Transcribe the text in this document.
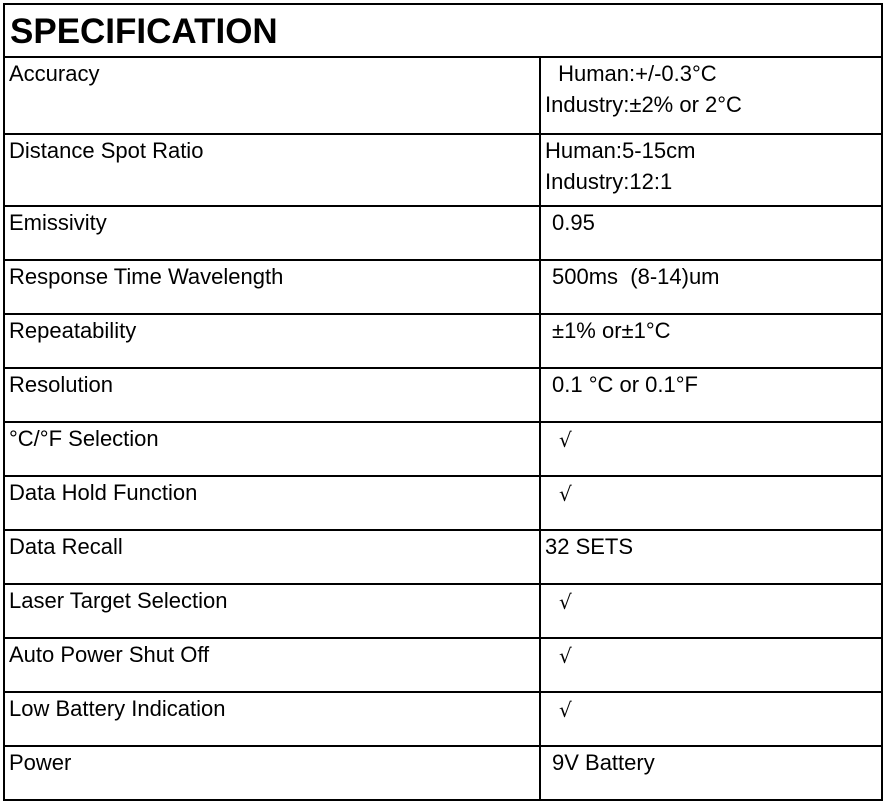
SPECIFICATION	

Accuracy	Human:+/-0.3°C
Industry:±2% or 2°C

Distance Spot Ratio	Human:5-15cm
Industry:12:1

Emissivity	0.95

Response Time Wavelength	500ms  (8-14)um

Repeatability	±1% or±1°C

Resolution	0.1 °C or 0.1°F

°C/°F Selection	√

Data Hold Function	√

Data Recall	32 SETS

Laser Target Selection	√

Auto Power Shut Off	√

Low Battery Indication	√

Power	9V Battery
